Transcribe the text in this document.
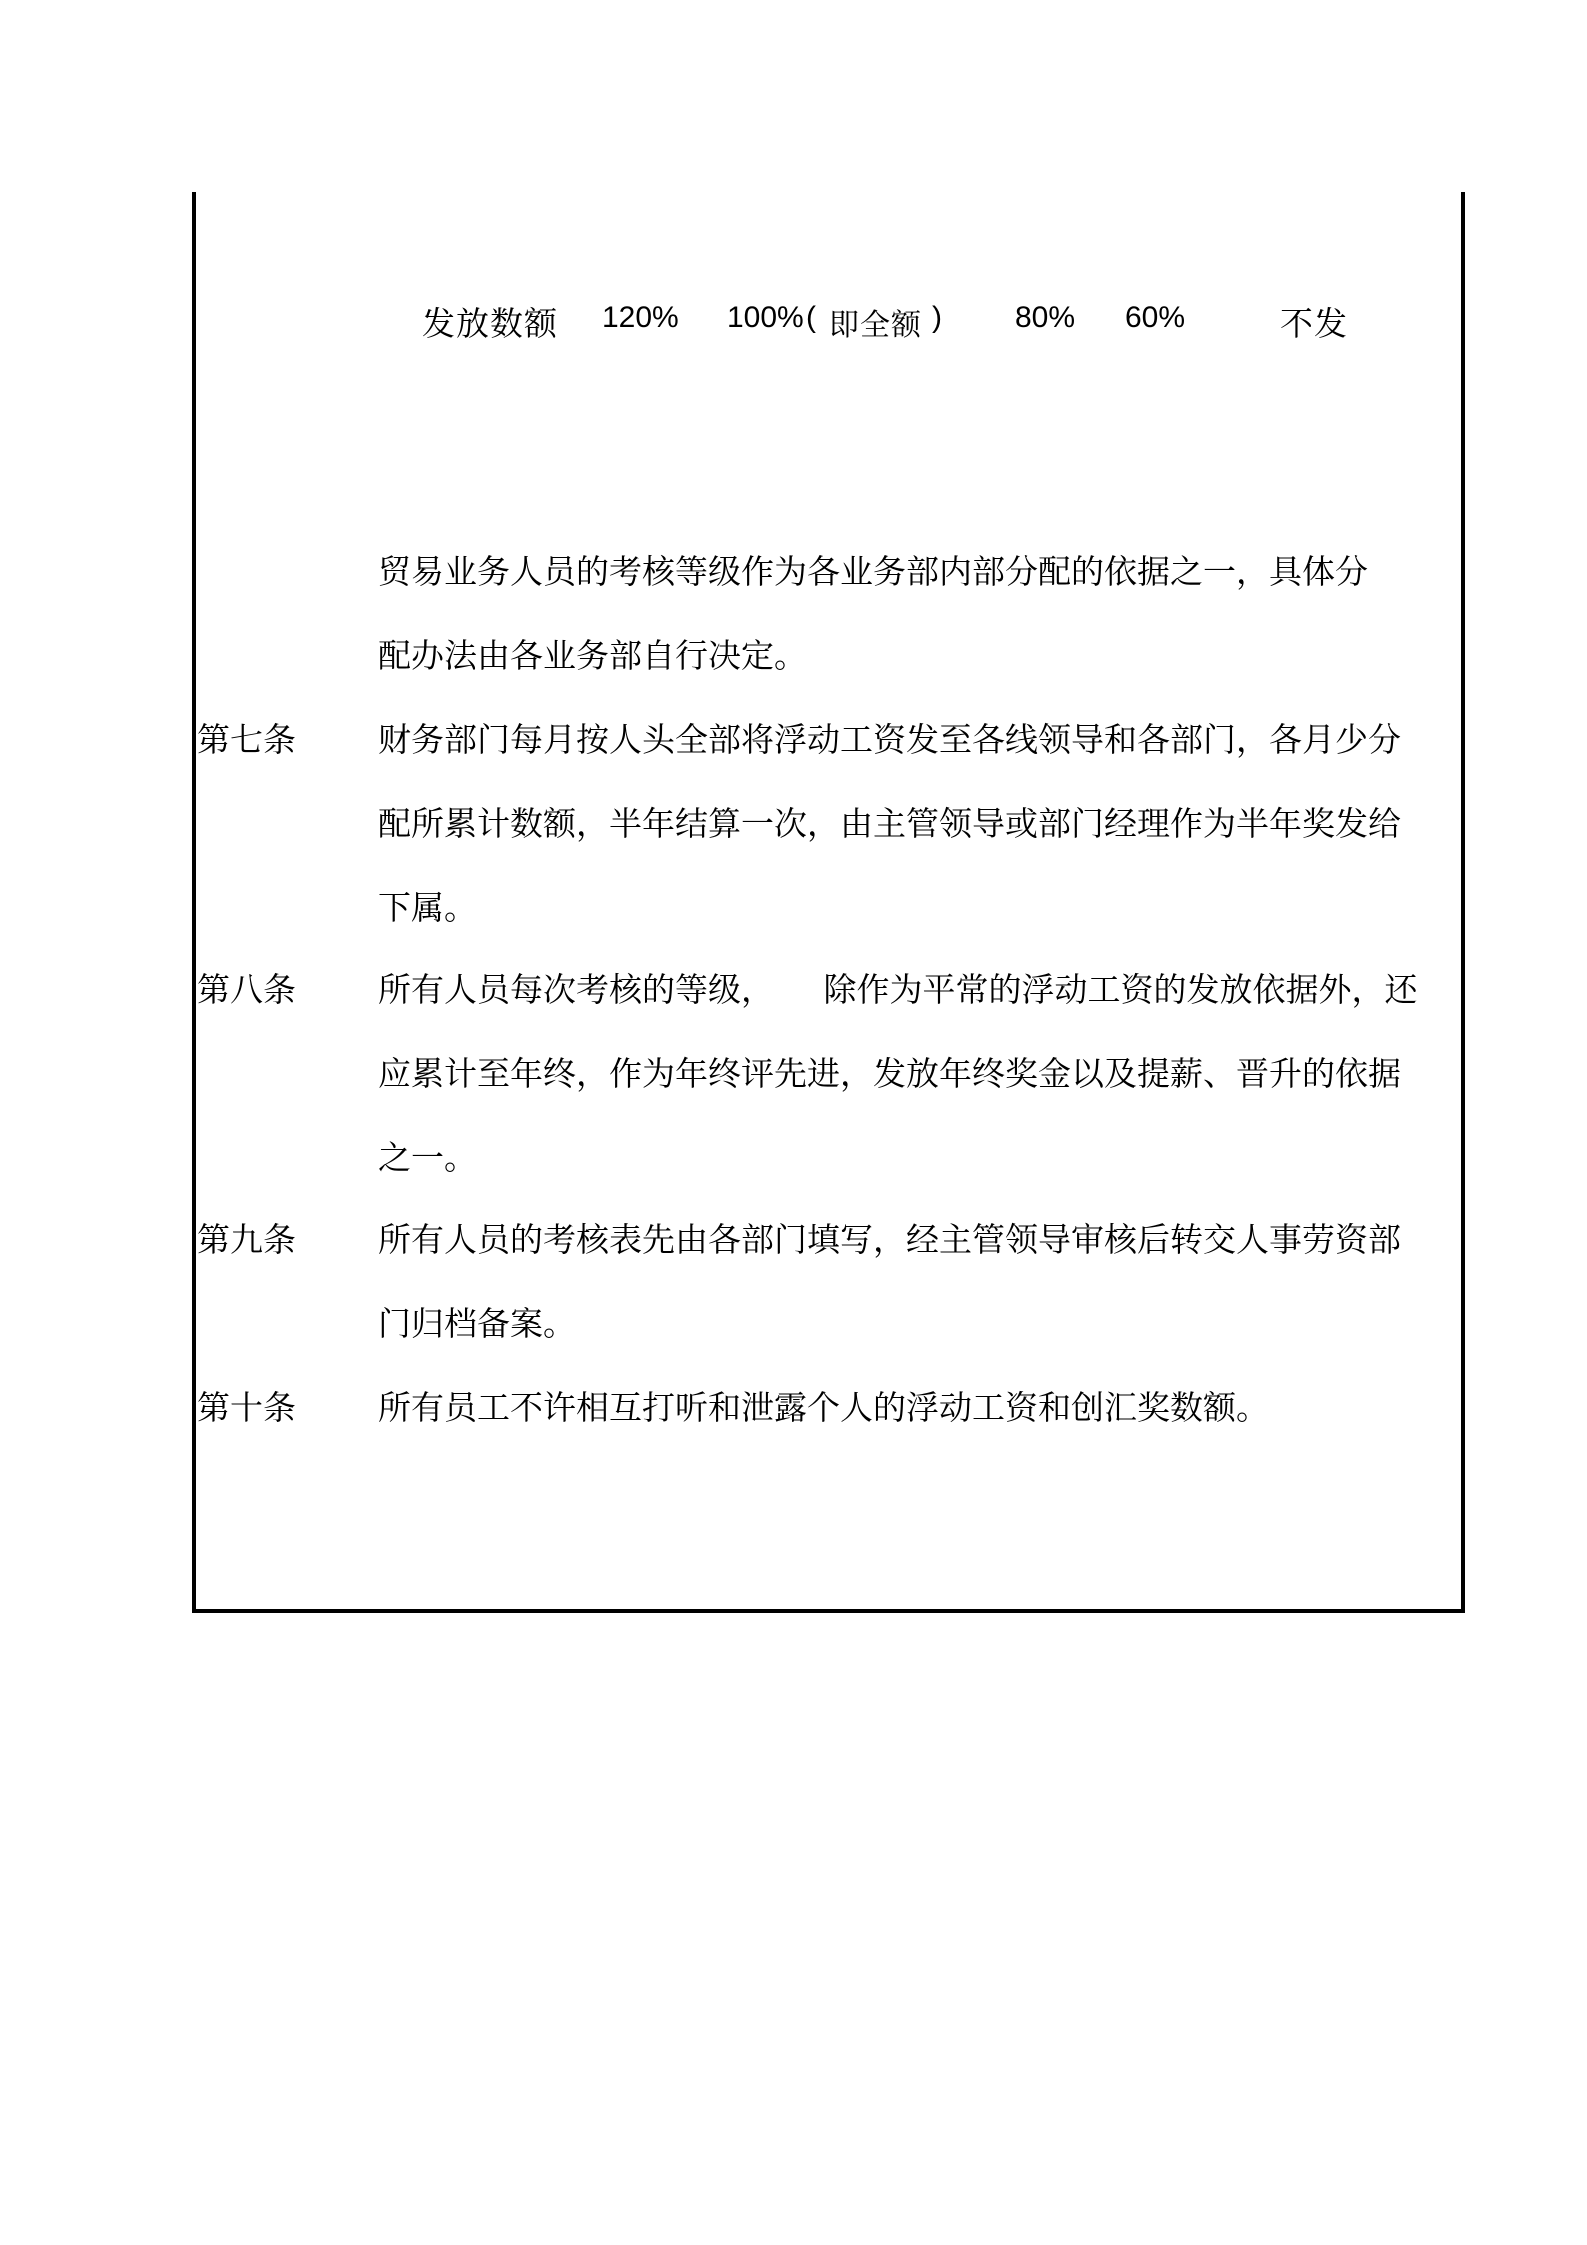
发放数额 120% 100% ( 即全额 ) 80% 60%	不发
贸易业务人员的考核等级作为各业务部内部分配的依据之一，具体分
配办法由各业务部自行决定。
第七条 财务部门每月按人头全部将浮动工资发至各线领导和各部门，各月少分
配所累计数额，半年结算一次，由主管领导或部门经理作为半年奖发给
下属。
第八条 所有人员每次考核的等级，　　除作为平常的浮动工资的发放依据外，还
应累计至年终，作为年终评先进，发放年终奖金以及提薪、晋升的依据
之一。
第九条 所有人员的考核表先由各部门填写，经主管领导审核后转交人事劳资部
门归档备案。
第十条 所有员工不许相互打听和泄露个人的浮动工资和创汇奖数额。
